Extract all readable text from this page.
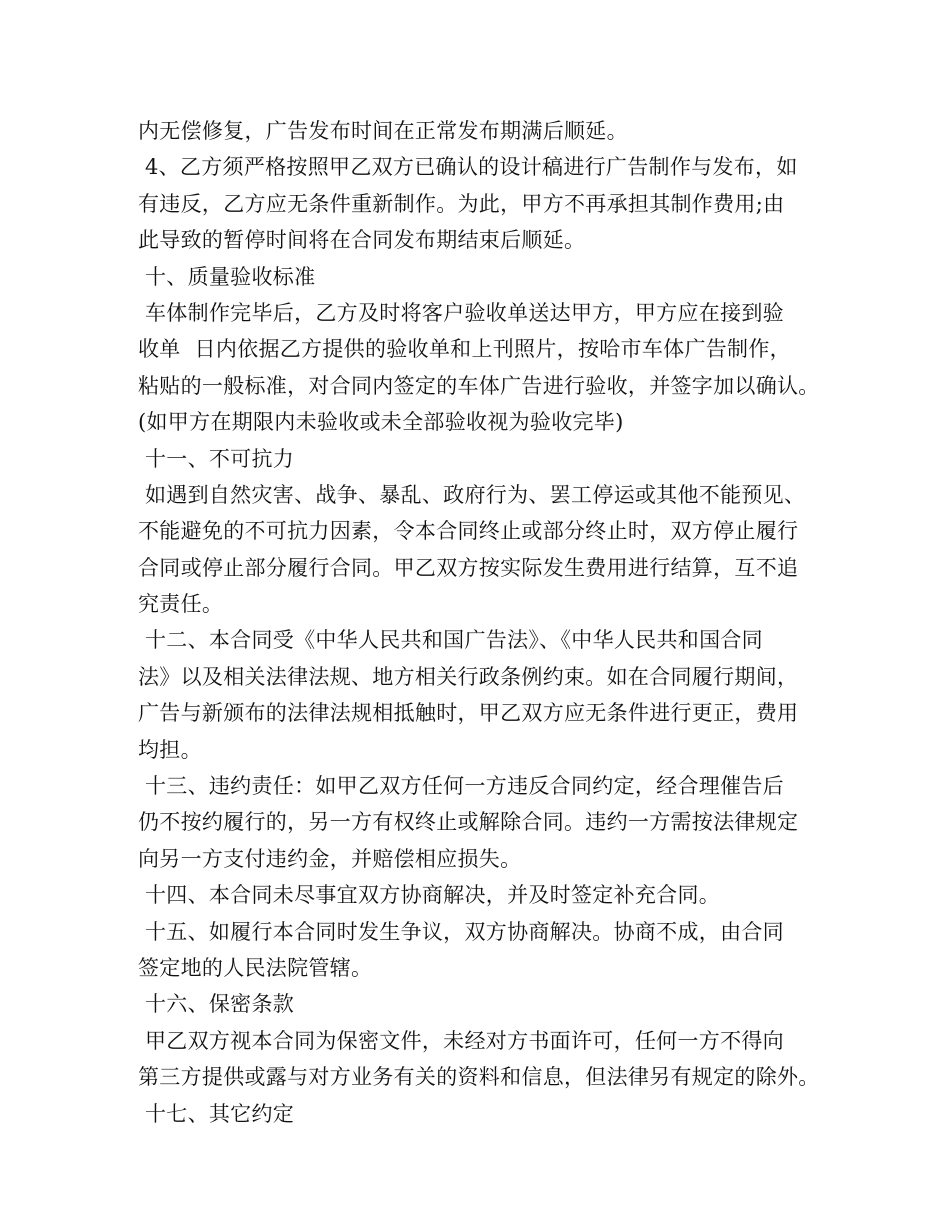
内无偿修复，广告发布时间在正常发布期满后顺延。
4、乙方须严格按照甲乙双方已确认的设计稿进行广告制作与发布，如
有违反，乙方应无条件重新制作。为此，甲方不再承担其制作费用;由
此导致的暂停时间将在合同发布期结束后顺延。
十、质量验收标准
车体制作完毕后，乙方及时将客户验收单送达甲方，甲方应在接到验
收单  日内依据乙方提供的验收单和上刊照片，按哈市车体广告制作，
粘贴的一般标准，对合同内签定的车体广告进行验收，并签字加以确认。
(如甲方在期限内未验收或未全部验收视为验收完毕)
十一、不可抗力
如遇到自然灾害、战争、暴乱、政府行为、罢工停运或其他不能预见、
不能避免的不可抗力因素，令本合同终止或部分终止时，双方停止履行
合同或停止部分履行合同。甲乙双方按实际发生费用进行结算，互不追
究责任。
十二、本合同受《中华人民共和国广告法》、《中华人民共和国合同
法》以及相关法律法规、地方相关行政条例约束。如在合同履行期间，
广告与新颁布的法律法规相抵触时，甲乙双方应无条件进行更正，费用
均担。
十三、违约责任：如甲乙双方任何一方违反合同约定，经合理催告后
仍不按约履行的，另一方有权终止或解除合同。违约一方需按法律规定
向另一方支付违约金，并赔偿相应损失。
十四、本合同未尽事宜双方协商解决，并及时签定补充合同。
十五、如履行本合同时发生争议，双方协商解决。协商不成，由合同
签定地的人民法院管辖。
十六、保密条款
甲乙双方视本合同为保密文件，未经对方书面许可，任何一方不得向
第三方提供或露与对方业务有关的资料和信息，但法律另有规定的除外。
十七、其它约定
